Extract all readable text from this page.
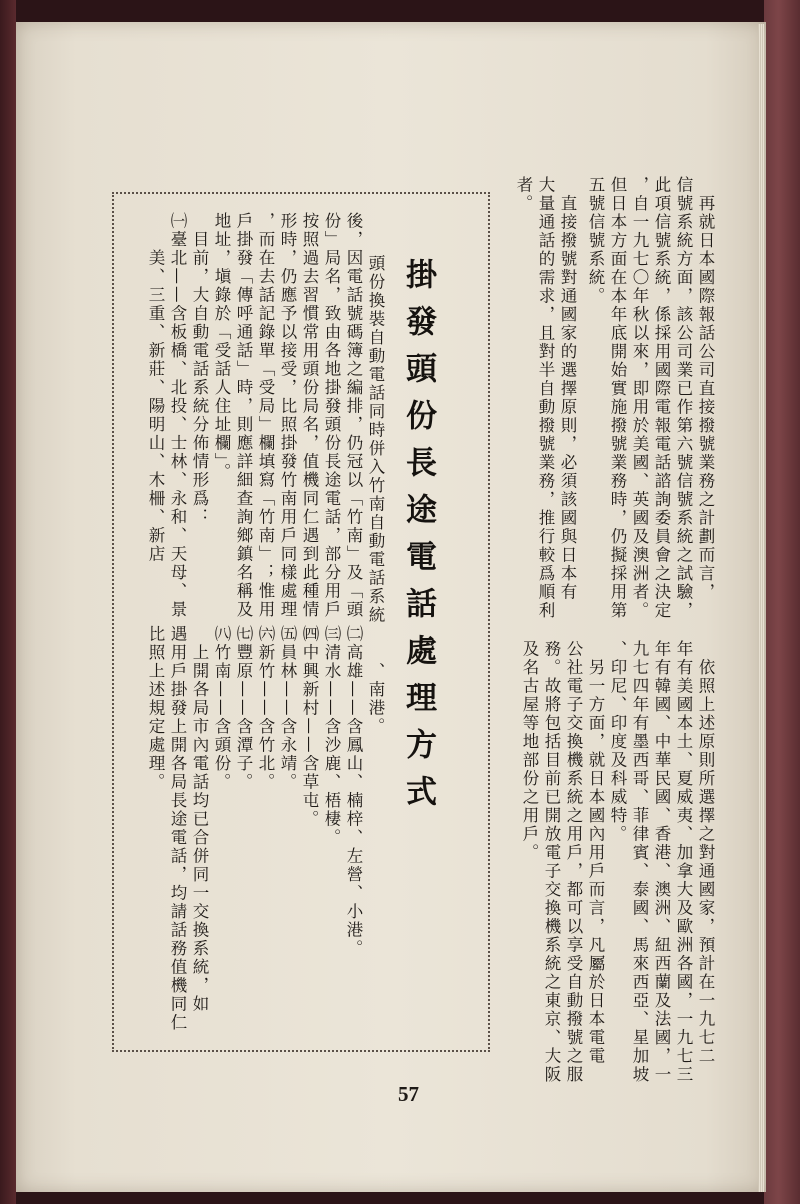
　再就日本國際報話公司直接撥號業務之計劃而言，
信號系統方面，該公司業已作第六號信號系統之試驗，
此項信號系統，係採用國際電報電話諮詢委員會之決定
，自一九七〇年秋以來，即用於美國、英國及澳洲者。
但日本方面在本年底開始實施撥號業務時，仍擬採用第
五號信號系統。
　直接撥號對通國家的選擇原則，必須該國與日本有
大量通話的需求，且對半自動撥號業務，推行較爲順利
者。
　依照上述原則所選擇之對通國家，預計在一九七二
年有美國本土、夏威夷、加拿大及歐洲各國，一九七三
年有韓國、中華民國、香港、澳洲、紐西蘭及法國，一
九七四年有墨西哥、菲律賓、泰國、馬來西亞、星加坡
、印尼、印度及科威特。
　另一方面，就日本國內用戶而言，凡屬於日本電電
公社電子交換機系統之用戶，都可以享受自動撥號之服
務。故將包括目前已開放電子交換機系統之東京、大阪
及名古屋等地部份之用戶。
掛發頭份長途電話處理方式
　頭份換裝自動電話同時併入竹南自動電話系統
後，因電話號碼簿之編排，仍冠以「竹南」及「頭
份」局名，致由各地掛發頭份長途電話，部分用戶
按照過去習慣常用頭份局名，值機同仁遇到此種情
形時，仍應予以接受，比照掛發竹南用戶同樣處理
，而在去話記錄單「受局」欄填寫「竹南」；惟用
戶掛發「傳呼通話」時，則應詳細查詢鄉鎮名稱及
地址，塡錄於「受話人住址欄」。
　目前，大自動電話系統分佈情形爲：
㈠臺北——含板橋、北投、士林、永和、天母、景
　　美、三重、新莊、陽明山、木柵、新店
　　、南港。
㈡高雄——含鳳山、楠梓、左營、小港。
㈢清水——含沙鹿、梧棲。
㈣中興新村——含草屯。
㈤員林——含永靖。
㈥新竹——含竹北。
㈦豐原——含潭子。
㈧竹南——含頭份。
　上開各局市內電話均已合併同一交換系統，如
遇用戶掛發上開各局長途電話，均請話務值機同仁
比照上述規定處理。
57
